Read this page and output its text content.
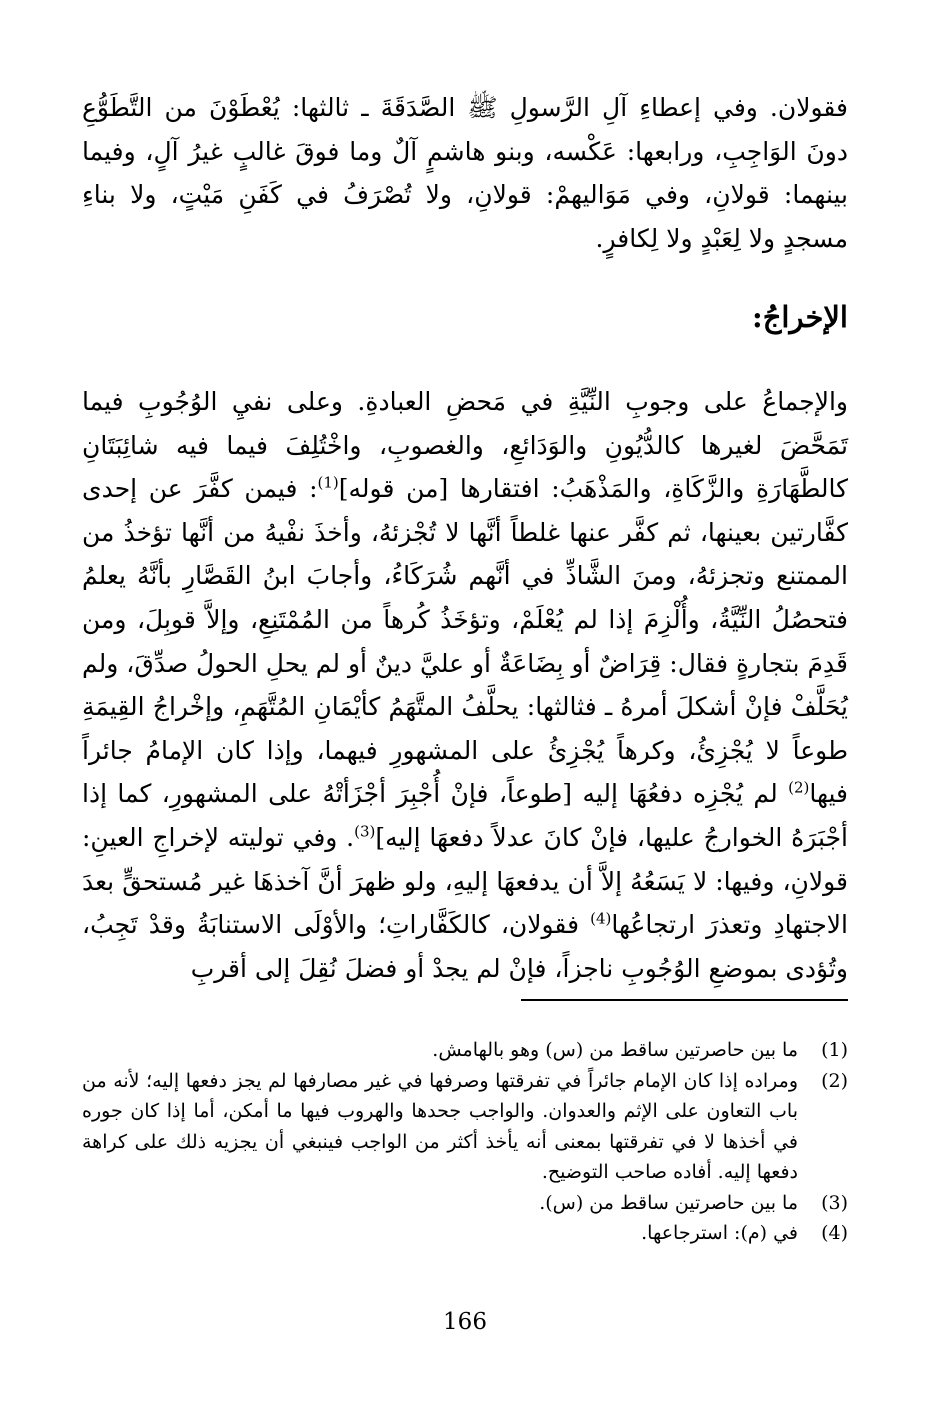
فقولان. وفي إعطاءِ آلِ الرَّسولِ ﷺ الصَّدَقَةَ ـ ثالثها: يُعْطَوْنَ من التَّطَوُّعِ دونَ الوَاجِبِ، ورابعها: عَكْسه، وبنو هاشمٍ آلٌ وما فوقَ غالبٍ غيرُ آلٍ، وفيما بينهما: قولانِ، وفي مَوَاليهمْ: قولانِ، ولا تُصْرَفُ في كَفَنِ مَيْتٍ، ولا بناءِ مسجدٍ ولا لِعَبْدٍ ولا لِكافرٍ.

الإخراجُ:

والإجماعُ على وجوبِ النِّيَّةِ في مَحضِ العبادةِ. وعلى نفيِ الوُجُوبِ فيما تَمَحَّضَ لغيرها كالدُّيُونِ والوَدَائعِ، والغصوبِ، واخْتُلِفَ فيما فيه شائِبَتَانِ كالطَّهَارَةِ والزَّكَاةِ، والمَذْهَبُ: افتقارها [من قوله]$^{(1)}$: فيمن كفَّرَ عن إحدى كفَّارتين بعينها، ثم كفَّر عنها غلطاً أنَّها لا تُجْزئهُ، وأخذَ نفْيهُ من أنَّها تؤخذُ من الممتنع وتجزئهُ، ومنَ الشَّاذِّ في أنَّهم شُرَكَاءُ، وأجابَ ابنُ القَصَّارِ بأنَّهُ يعلمُ فتحصُلُ النِّيَّةُ، وأُلْزِمَ إذا لم يُعْلَمْ، وتؤخَذُ كُرهاً من المُمْتَنِعِ، وإلاَّ قوبِلَ، ومن قَدِمَ بتجارةٍ فقال: قِرَاضٌ أو بِضَاعَةٌ أو عليَّ دينٌ أو لم يحلِ الحولُ صدِّقَ، ولم يُحَلَّفْ فإنْ أشكلَ أمرهُ ـ فثالثها: يحلَّفُ المتَّهَمُ كأيْمَانِ المُتَّهَمِ، وإخْراجُ القِيمَةِ طوعاً لا يُجْزِئُ، وكرهاً يُجْزِئُ على المشهورِ فيهما، وإذا كان الإمامُ جائراً فيها$^{(2)}$ لم يُجْزِه دفعُهَا إليه [طوعاً، فإنْ أُجْبِرَ أجْزَأتْهُ على المشهورِ، كما إذا أجْبَرَهُ الخوارجُ عليها، فإنْ كانَ عدلاً دفعهَا إليه]$^{(3)}$. وفي توليته لإخراجِ العينِ: قولانِ، وفيها: لا يَسَعُهُ إلاَّ أن يدفعهَا إليهِ، ولو ظهرَ أنَّ آخذهَا غير مُستحقٍّ بعدَ الاجتهادِ وتعذرَ ارتجاعُها$^{(4)}$ فقولان، كالكَفَّاراتِ؛ والأوْلَى الاستنابَةُ وقدْ تَجِبُ، وتُؤدى بموضعِ الوُجُوبِ ناجزاً، فإنْ لم يجدْ أو فضلَ نُقِلَ إلى أقربِ

(1)
ما بين حاصرتين ساقط من (س) وهو بالهامش.
(2)
ومراده إذا كان الإمام جائراً في تفرقتها وصرفها في غير مصارفها لم يجز دفعها إليه؛ لأنه من باب التعاون على الإثم والعدوان. والواجب جحدها والهروب فيها ما أمكن، أما إذا كان جوره في أخذها لا في تفرقتها بمعنى أنه يأخذ أكثر من الواجب فينبغي أن يجزيه ذلك على كراهة دفعها إليه. أفاده صاحب التوضيح.
(3)
ما بين حاصرتين ساقط من (س).
(4)
في (م): استرجاعها.
166
